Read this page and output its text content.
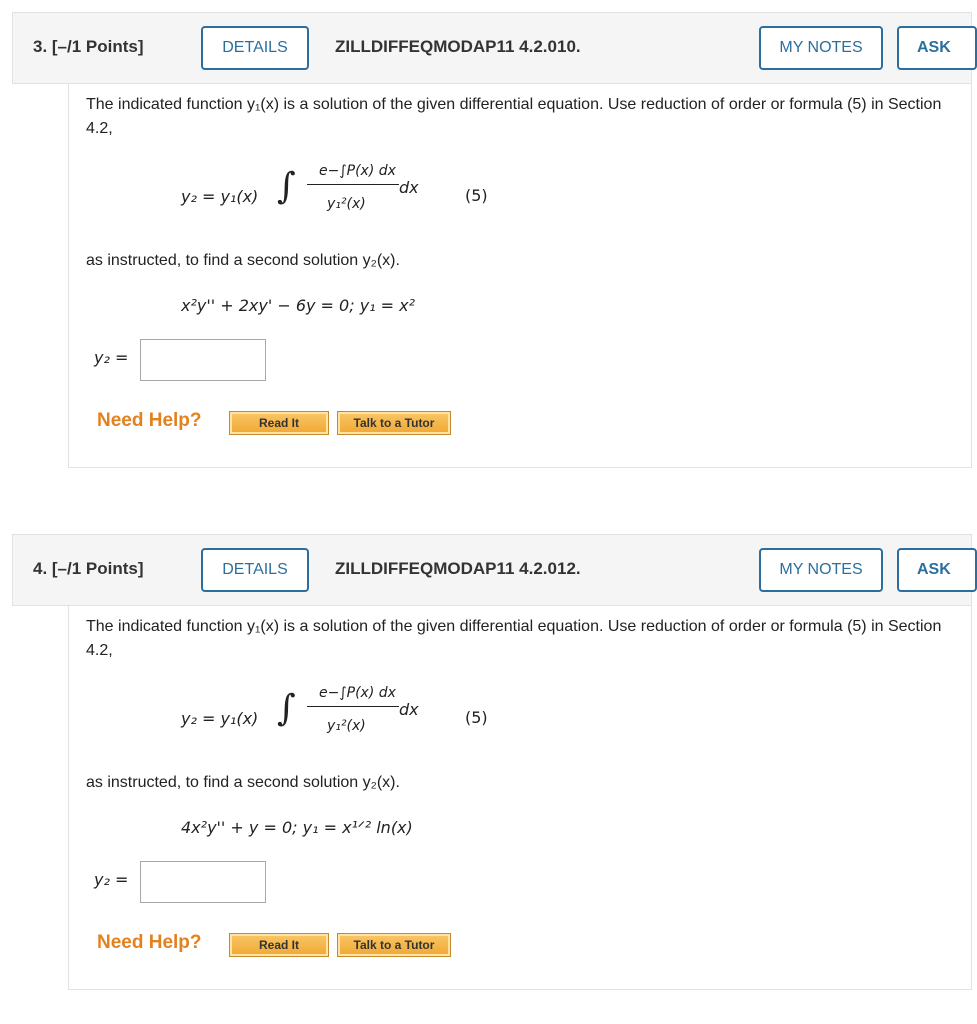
3. [–/1 Points]	DETAILS	ZILLDIFFEQMODAP11 4.2.010.	MY NOTES	ASK
The indicated function y₁(x) is a solution of the given differential equation. Use reduction of order or formula (5) in Section
4.2,
y₂ = y₁(x) ∫ e−∫P(x) dx
y₁²(x)
dx	(5)
as instructed, to find a second solution y₂(x).
x²y'' + 2xy' − 6y = 0; y₁ = x²
y₂ =
Need Help?	Read It	Talk to a Tutor
4. [–/1 Points]	DETAILS	ZILLDIFFEQMODAP11 4.2.012.	MY NOTES	ASK
The indicated function y₁(x) is a solution of the given differential equation. Use reduction of order or formula (5) in Section
4.2,
y₂ = y₁(x) ∫ e−∫P(x) dx
y₁²(x)
dx	(5)
as instructed, to find a second solution y₂(x).
4x²y'' + y = 0; y₁ = x¹ᐟ² ln(x)
y₂ =
Need Help?	Read It	Talk to a Tutor
